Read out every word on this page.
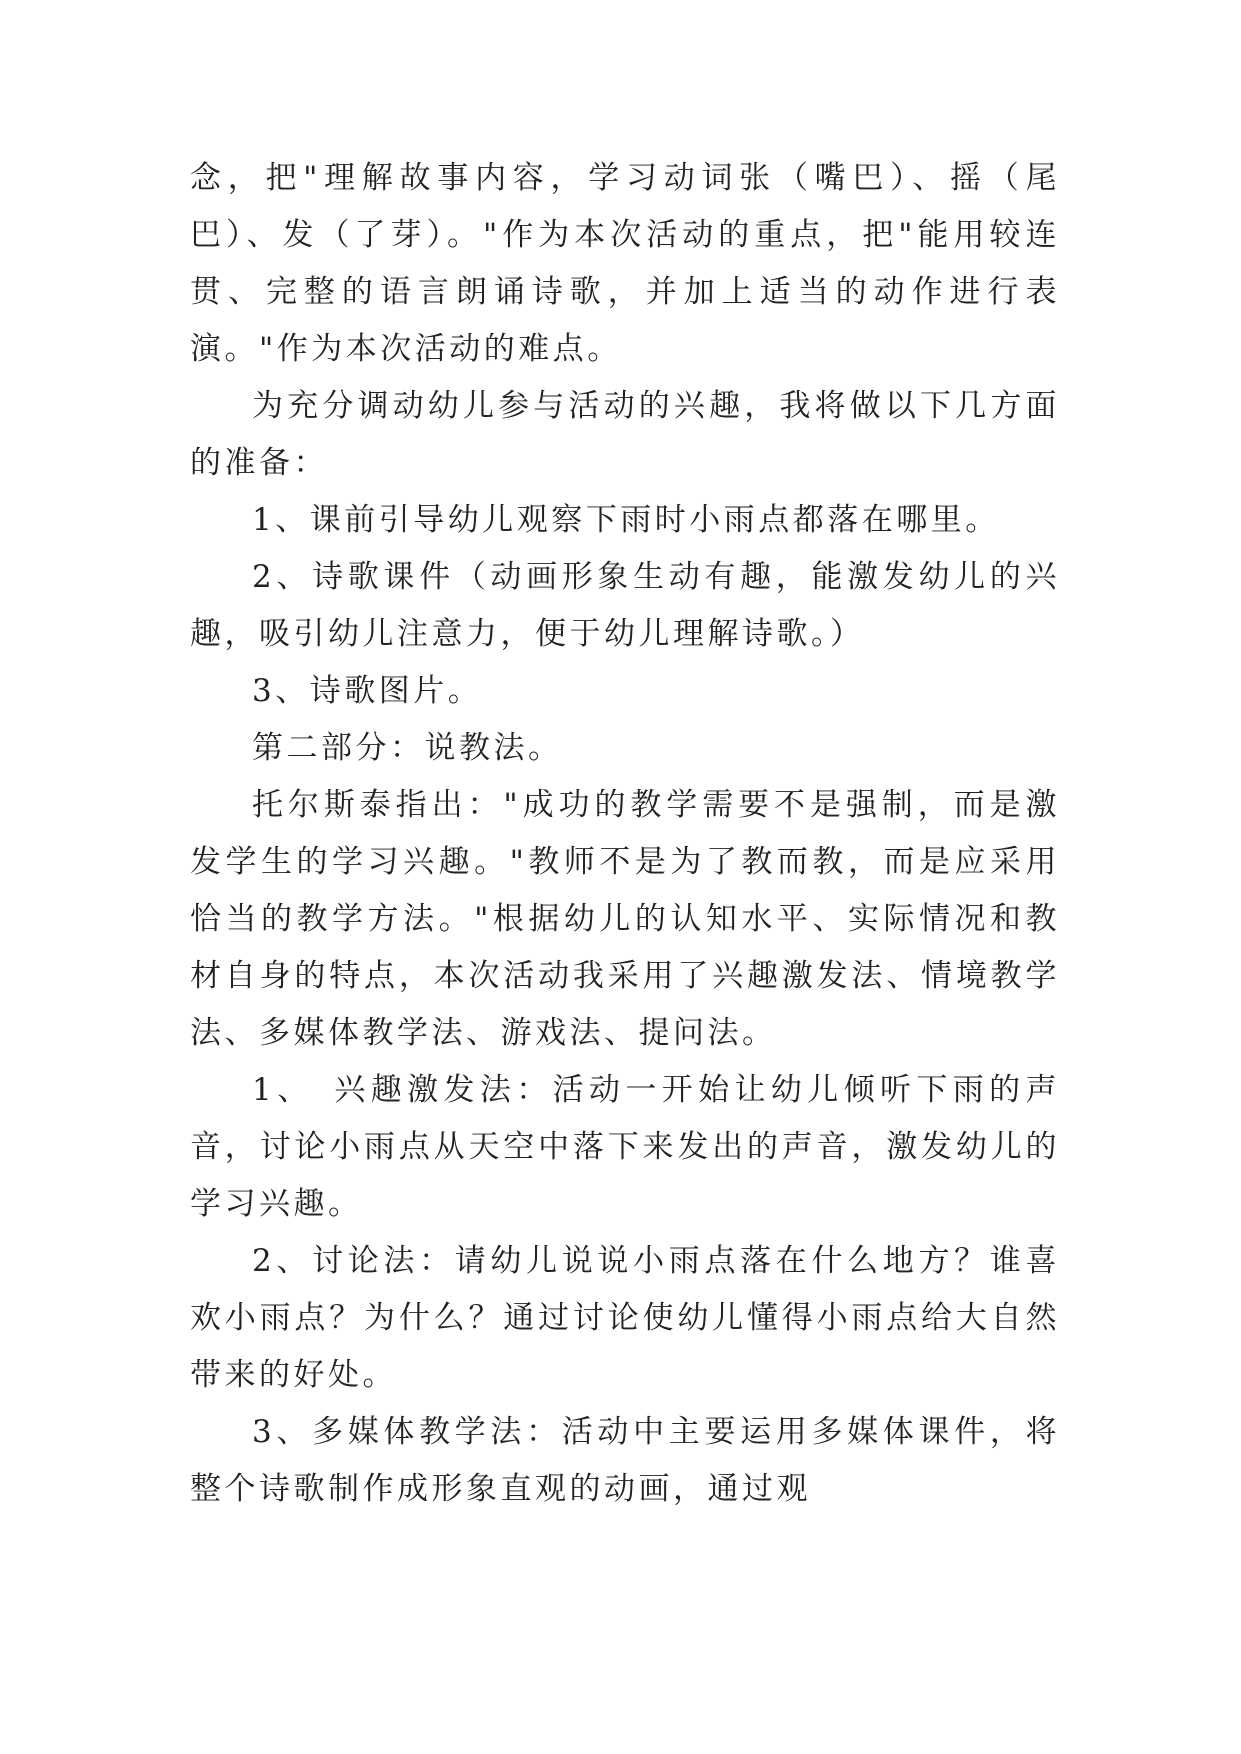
念，把"理解故事内容，学习动词张（嘴巴）、摇（尾巴）、发（了芽）。"作为本次活动的重点，把"能用较连贯、完整的语言朗诵诗歌，并加上适当的动作进行表演。"作为本次活动的难点。

为充分调动幼儿参与活动的兴趣，我将做以下几方面的准备：

1、课前引导幼儿观察下雨时小雨点都落在哪里。

2、诗歌课件（动画形象生动有趣，能激发幼儿的兴趣，吸引幼儿注意力，便于幼儿理解诗歌。）

3、诗歌图片。

第二部分：说教法。

托尔斯泰指出："成功的教学需要不是强制，而是激发学生的学习兴趣。"教师不是为了教而教，而是应采用恰当的教学方法。"根据幼儿的认知水平、实际情况和教材自身的特点，本次活动我采用了兴趣激发法、情境教学法、多媒体教学法、游戏法、提问法。

1、　兴趣激发法：活动一开始让幼儿倾听下雨的声音，讨论小雨点从天空中落下来发出的声音，激发幼儿的学习兴趣。

2、讨论法：请幼儿说说小雨点落在什么地方？谁喜欢小雨点？为什么？通过讨论使幼儿懂得小雨点给大自然带来的好处。

3、多媒体教学法：活动中主要运用多媒体课件，将整个诗歌制作成形象直观的动画，通过观
